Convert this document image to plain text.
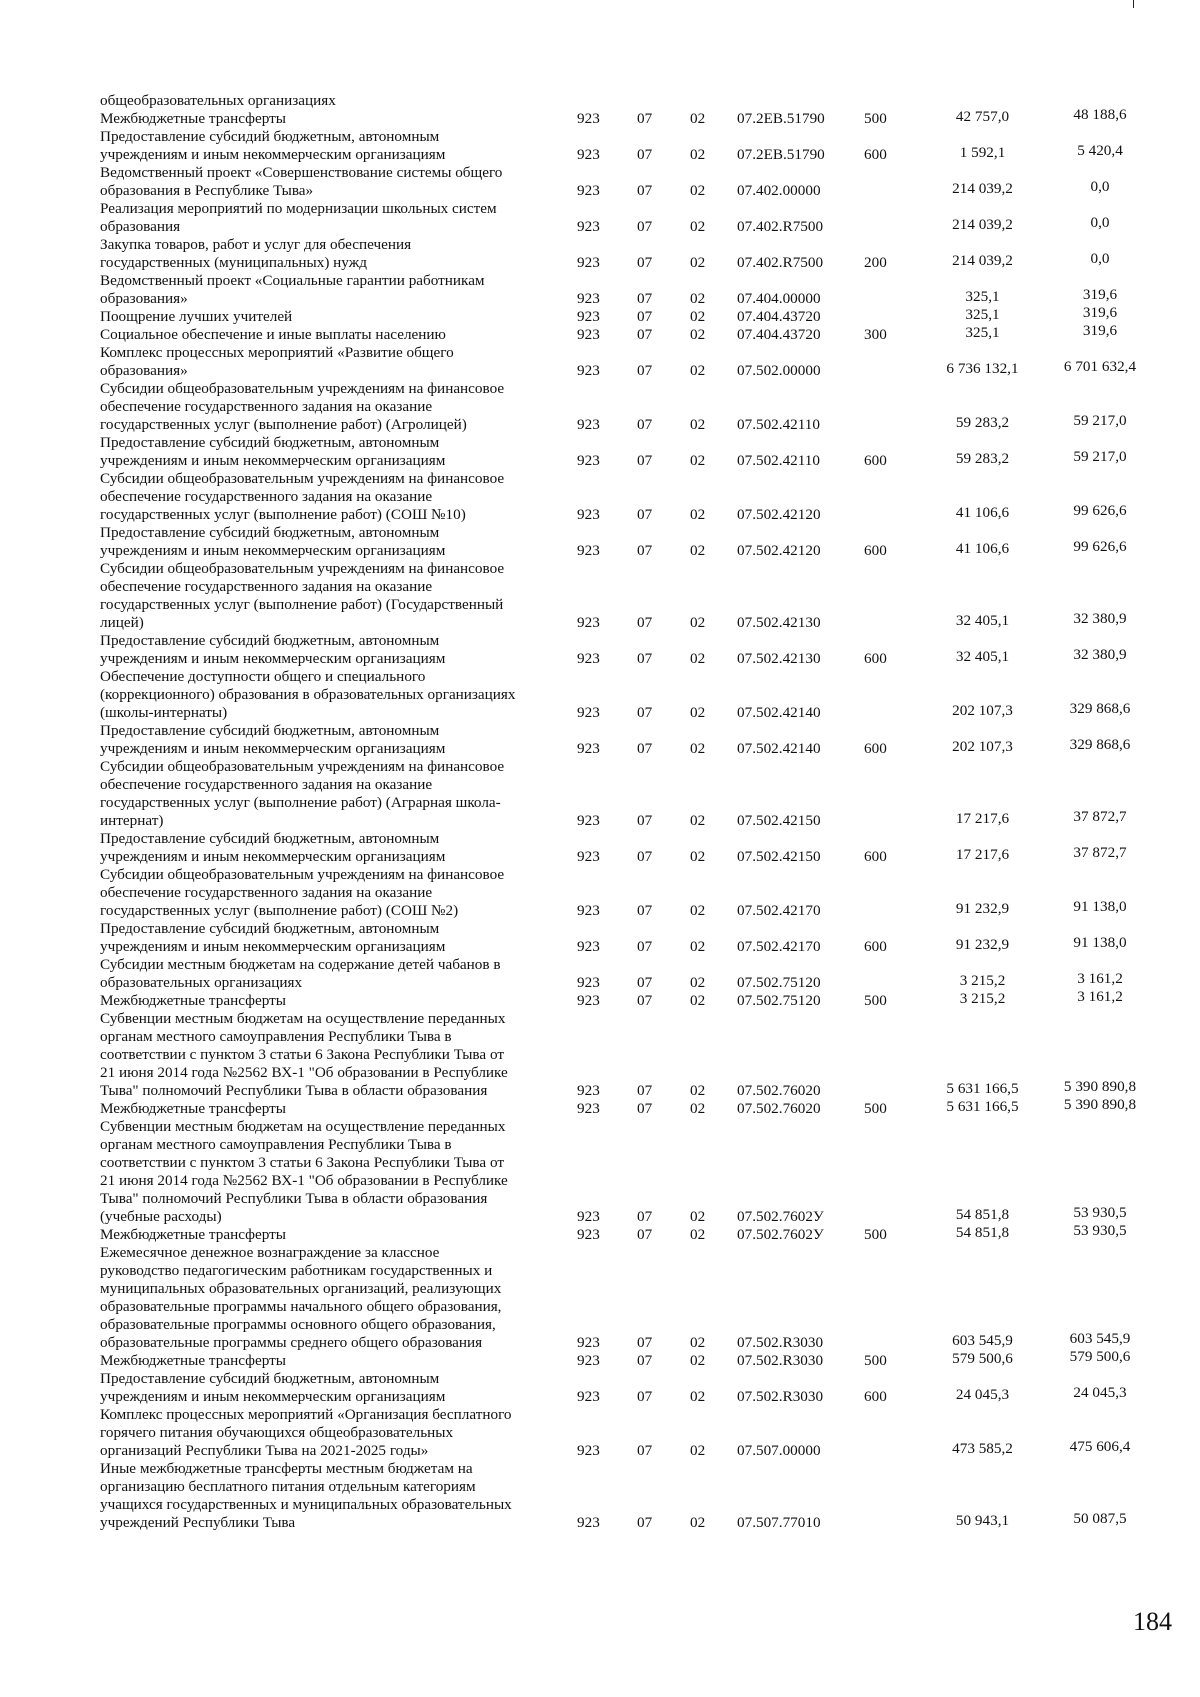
общеобразовательных организациях
Межбюджетные трансферты	923 07 02 07.2ЕВ.51790	500	42 757,0	48 188,6
Предоставление субсидий бюджетным, автономным
учреждениям и иным некоммерческим организациям	923 07 02 07.2ЕВ.51790	600	1 592,1	5 420,4
Ведомственный проект «Совершенствование системы общего
образования в Республике Тыва»	923 07 02 07.402.00000	214 039,2	0,0
Реализация мероприятий по модернизации школьных систем
образования	923 07 02 07.402.R7500	214 039,2	0,0
Закупка товаров, работ и услуг для обеспечения
государственных (муниципальных) нужд	923 07 02 07.402.R7500	200	214 039,2	0,0
Ведомственный проект «Социальные гарантии работникам
образования»	923 07 02 07.404.00000	325,1	319,6
Поощрение лучших учителей	923 07 02 07.404.43720	325,1	319,6
Социальное обеспечение и иные выплаты населению	923 07 02 07.404.43720	300	325,1	319,6
Комплекс процессных мероприятий «Развитие общего
образования»	923 07 02 07.502.00000	6 736 132,1	6 701 632,4
Субсидии общеобразовательным учреждениям на финансовое
обеспечение государственного задания на оказание
государственных услуг (выполнение работ) (Агролицей)	923 07 02 07.502.42110	59 283,2	59 217,0
Предоставление субсидий бюджетным, автономным
учреждениям и иным некоммерческим организациям	923 07 02 07.502.42110	600	59 283,2	59 217,0
Субсидии общеобразовательным учреждениям на финансовое
обеспечение государственного задания на оказание
государственных услуг (выполнение работ) (СОШ №10)	923 07 02 07.502.42120	41 106,6	99 626,6
Предоставление субсидий бюджетным, автономным
учреждениям и иным некоммерческим организациям	923 07 02 07.502.42120	600	41 106,6	99 626,6
Субсидии общеобразовательным учреждениям на финансовое
обеспечение государственного задания на оказание
государственных услуг (выполнение работ) (Государственный
лицей)	923 07 02 07.502.42130	32 405,1	32 380,9
Предоставление субсидий бюджетным, автономным
учреждениям и иным некоммерческим организациям	923 07 02 07.502.42130	600	32 405,1	32 380,9
Обеспечение доступности общего и специального
(коррекционного) образования в образовательных организациях
(школы-интернаты)	923 07 02 07.502.42140	202 107,3	329 868,6
Предоставление субсидий бюджетным, автономным
учреждениям и иным некоммерческим организациям	923 07 02 07.502.42140	600	202 107,3	329 868,6
Субсидии общеобразовательным учреждениям на финансовое
обеспечение государственного задания на оказание
государственных услуг (выполнение работ) (Аграрная школа-
интернат)	923 07 02 07.502.42150	17 217,6	37 872,7
Предоставление субсидий бюджетным, автономным
учреждениям и иным некоммерческим организациям	923 07 02 07.502.42150	600	17 217,6	37 872,7
Субсидии общеобразовательным учреждениям на финансовое
обеспечение государственного задания на оказание
государственных услуг (выполнение работ) (СОШ №2)	923 07 02 07.502.42170	91 232,9	91 138,0
Предоставление субсидий бюджетным, автономным
учреждениям и иным некоммерческим организациям	923 07 02 07.502.42170	600	91 232,9	91 138,0
Субсидии местным бюджетам на содержание детей чабанов в
образовательных организациях	923 07 02 07.502.75120	3 215,2	3 161,2
Межбюджетные трансферты	923 07 02 07.502.75120	500	3 215,2	3 161,2
Субвенции местным бюджетам на осуществление переданных
органам местного самоуправления Республики Тыва в
соответствии с пунктом 3 статьи 6 Закона Республики Тыва от
21 июня 2014 года №2562 ВХ-1 "Об образовании в Республике
Тыва" полномочий Республики Тыва в области образования	923 07 02 07.502.76020	5 631 166,5	5 390 890,8
Межбюджетные трансферты	923 07 02 07.502.76020	500	5 631 166,5	5 390 890,8
Субвенции местным бюджетам на осуществление переданных
органам местного самоуправления Республики Тыва в
соответствии с пунктом 3 статьи 6 Закона Республики Тыва от
21 июня 2014 года №2562 ВХ-1 "Об образовании в Республике
Тыва" полномочий Республики Тыва в области образования
(учебные расходы)	923 07 02 07.502.7602У	54 851,8	53 930,5
Межбюджетные трансферты	923 07 02 07.502.7602У	500	54 851,8	53 930,5
Ежемесячное денежное вознаграждение за классное
руководство педагогическим работникам государственных и
муниципальных образовательных организаций, реализующих
образовательные программы начального общего образования,
образовательные программы основного общего образования,
образовательные программы среднего общего образования	923 07 02 07.502.R3030	603 545,9	603 545,9
Межбюджетные трансферты	923 07 02 07.502.R3030	500	579 500,6	579 500,6
Предоставление субсидий бюджетным, автономным
учреждениям и иным некоммерческим организациям	923 07 02 07.502.R3030	600	24 045,3	24 045,3
Комплекс процессных мероприятий «Организация бесплатного
горячего питания обучающихся общеобразовательных
организаций Республики Тыва на 2021-2025 годы»	923 07 02 07.507.00000	473 585,2	475 606,4
Иные межбюджетные трансферты местным бюджетам на
организацию бесплатного питания отдельным категориям
учащихся государственных и муниципальных образовательных
учреждений Республики Тыва	923 07 02 07.507.77010	50 943,1	50 087,5
184
